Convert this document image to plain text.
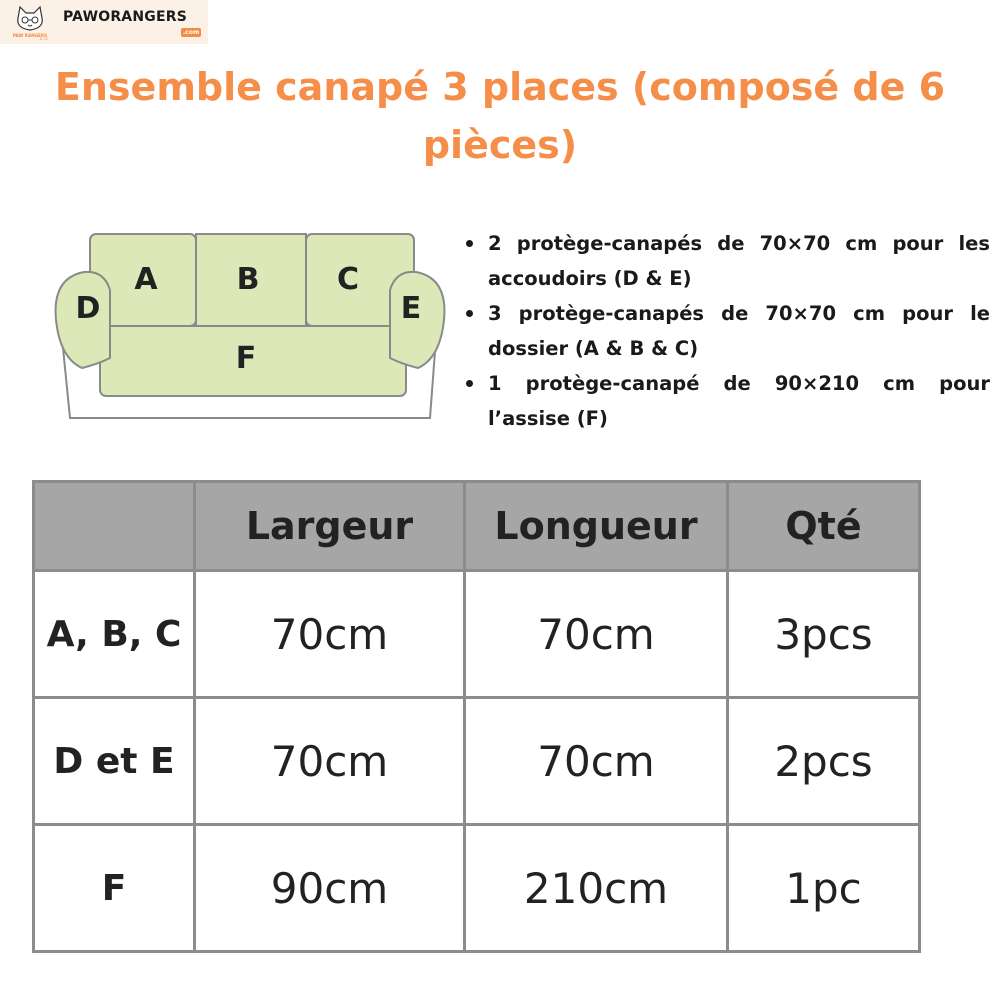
PAW RANGERS
& CO
PAWORANGERS
.com
Ensemble canapé 3 places (composé de 6 pièces)
A	B	C
D	E
F
2 protège-canapés de 70×70 cm pour les accoudoirs (D & E)
3 protège-canapés de 70×70 cm pour le dossier (A & B & C)
1 protège-canapé de 90×210 cm pour l’assise (F)
	Largeur	Longueur	Qté
A, B, C	70cm	70cm	3pcs
D et E	70cm	70cm	2pcs
F	90cm	210cm	1pc
